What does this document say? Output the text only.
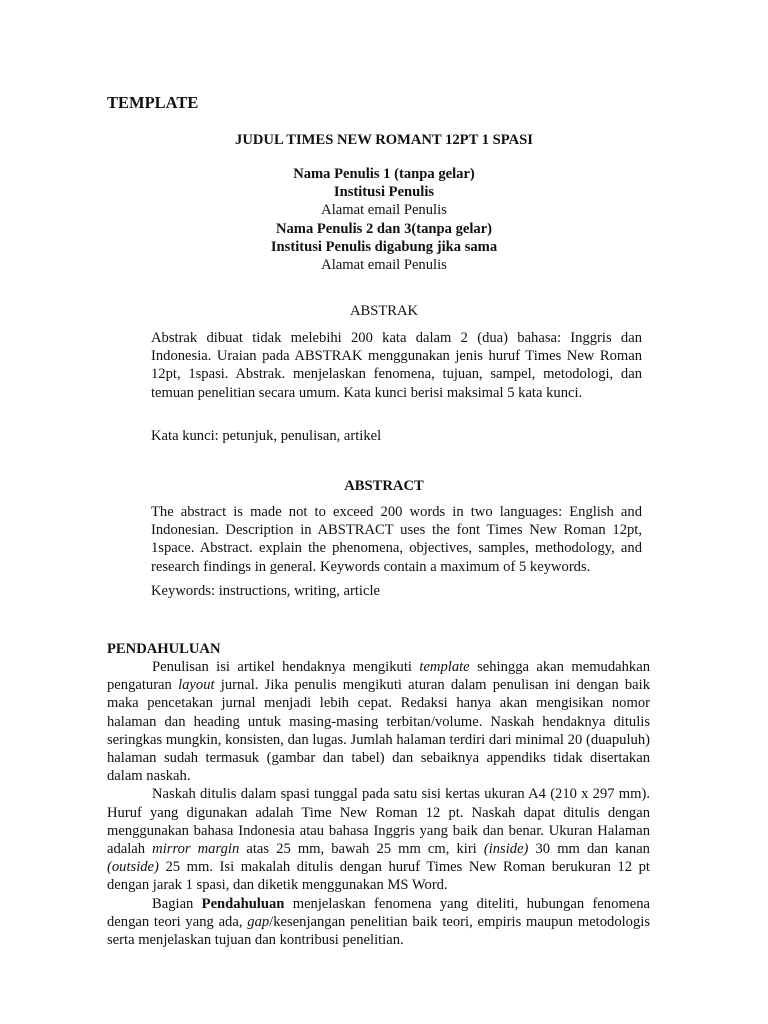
TEMPLATE
JUDUL TIMES NEW ROMANT 12PT 1 SPASI
Nama Penulis 1 (tanpa gelar)
Institusi Penulis
Alamat email Penulis
Nama Penulis 2 dan 3(tanpa gelar)
Institusi Penulis digabung jika sama
Alamat email Penulis
ABSTRAK

Abstrak dibuat tidak melebihi 200 kata dalam 2 (dua) bahasa: Inggris dan Indonesia. Uraian pada ABSTRAK menggunakan jenis huruf Times New Roman 12pt, 1spasi. Abstrak. menjelaskan fenomena, tujuan, sampel, metodologi, dan temuan penelitian secara umum. Kata kunci berisi maksimal 5 kata kunci.

Kata kunci: petunjuk, penulisan, artikel
ABSTRACT

The abstract is made not to exceed 200 words in two languages: English and Indonesian. Description in ABSTRACT uses the font Times New Roman 12pt, 1space. Abstract. explain the phenomena, objectives, samples, methodology, and research findings in general. Keywords contain a maximum of 5 keywords.

Keywords: instructions, writing, article
PENDAHULUAN

Penulisan isi artikel hendaknya mengikuti template sehingga akan memudahkan pengaturan layout jurnal. Jika penulis mengikuti aturan dalam penulisan ini dengan baik maka pencetakan jurnal menjadi lebih cepat. Redaksi hanya akan mengisikan nomor halaman dan heading untuk masing-masing terbitan/volume. Naskah hendaknya ditulis seringkas mungkin, konsisten, dan lugas. Jumlah halaman terdiri dari minimal 20 (duapuluh) halaman sudah termasuk (gambar dan tabel) dan sebaiknya appendiks tidak disertakan dalam naskah.

Naskah ditulis dalam spasi tunggal pada satu sisi kertas ukuran A4 (210 x 297 mm). Huruf yang digunakan adalah Time New Roman 12 pt. Naskah dapat ditulis dengan menggunakan bahasa Indonesia atau bahasa Inggris yang baik dan benar. Ukuran Halaman adalah mirror margin atas 25 mm, bawah 25 mm cm, kiri (inside) 30 mm dan kanan (outside) 25 mm. Isi makalah ditulis dengan huruf Times New Roman berukuran 12 pt dengan jarak 1 spasi, dan diketik menggunakan MS Word.

Bagian Pendahuluan menjelaskan fenomena yang diteliti, hubungan fenomena dengan teori yang ada, gap/kesenjangan penelitian baik teori, empiris maupun metodologis serta menjelaskan tujuan dan kontribusi penelitian.
